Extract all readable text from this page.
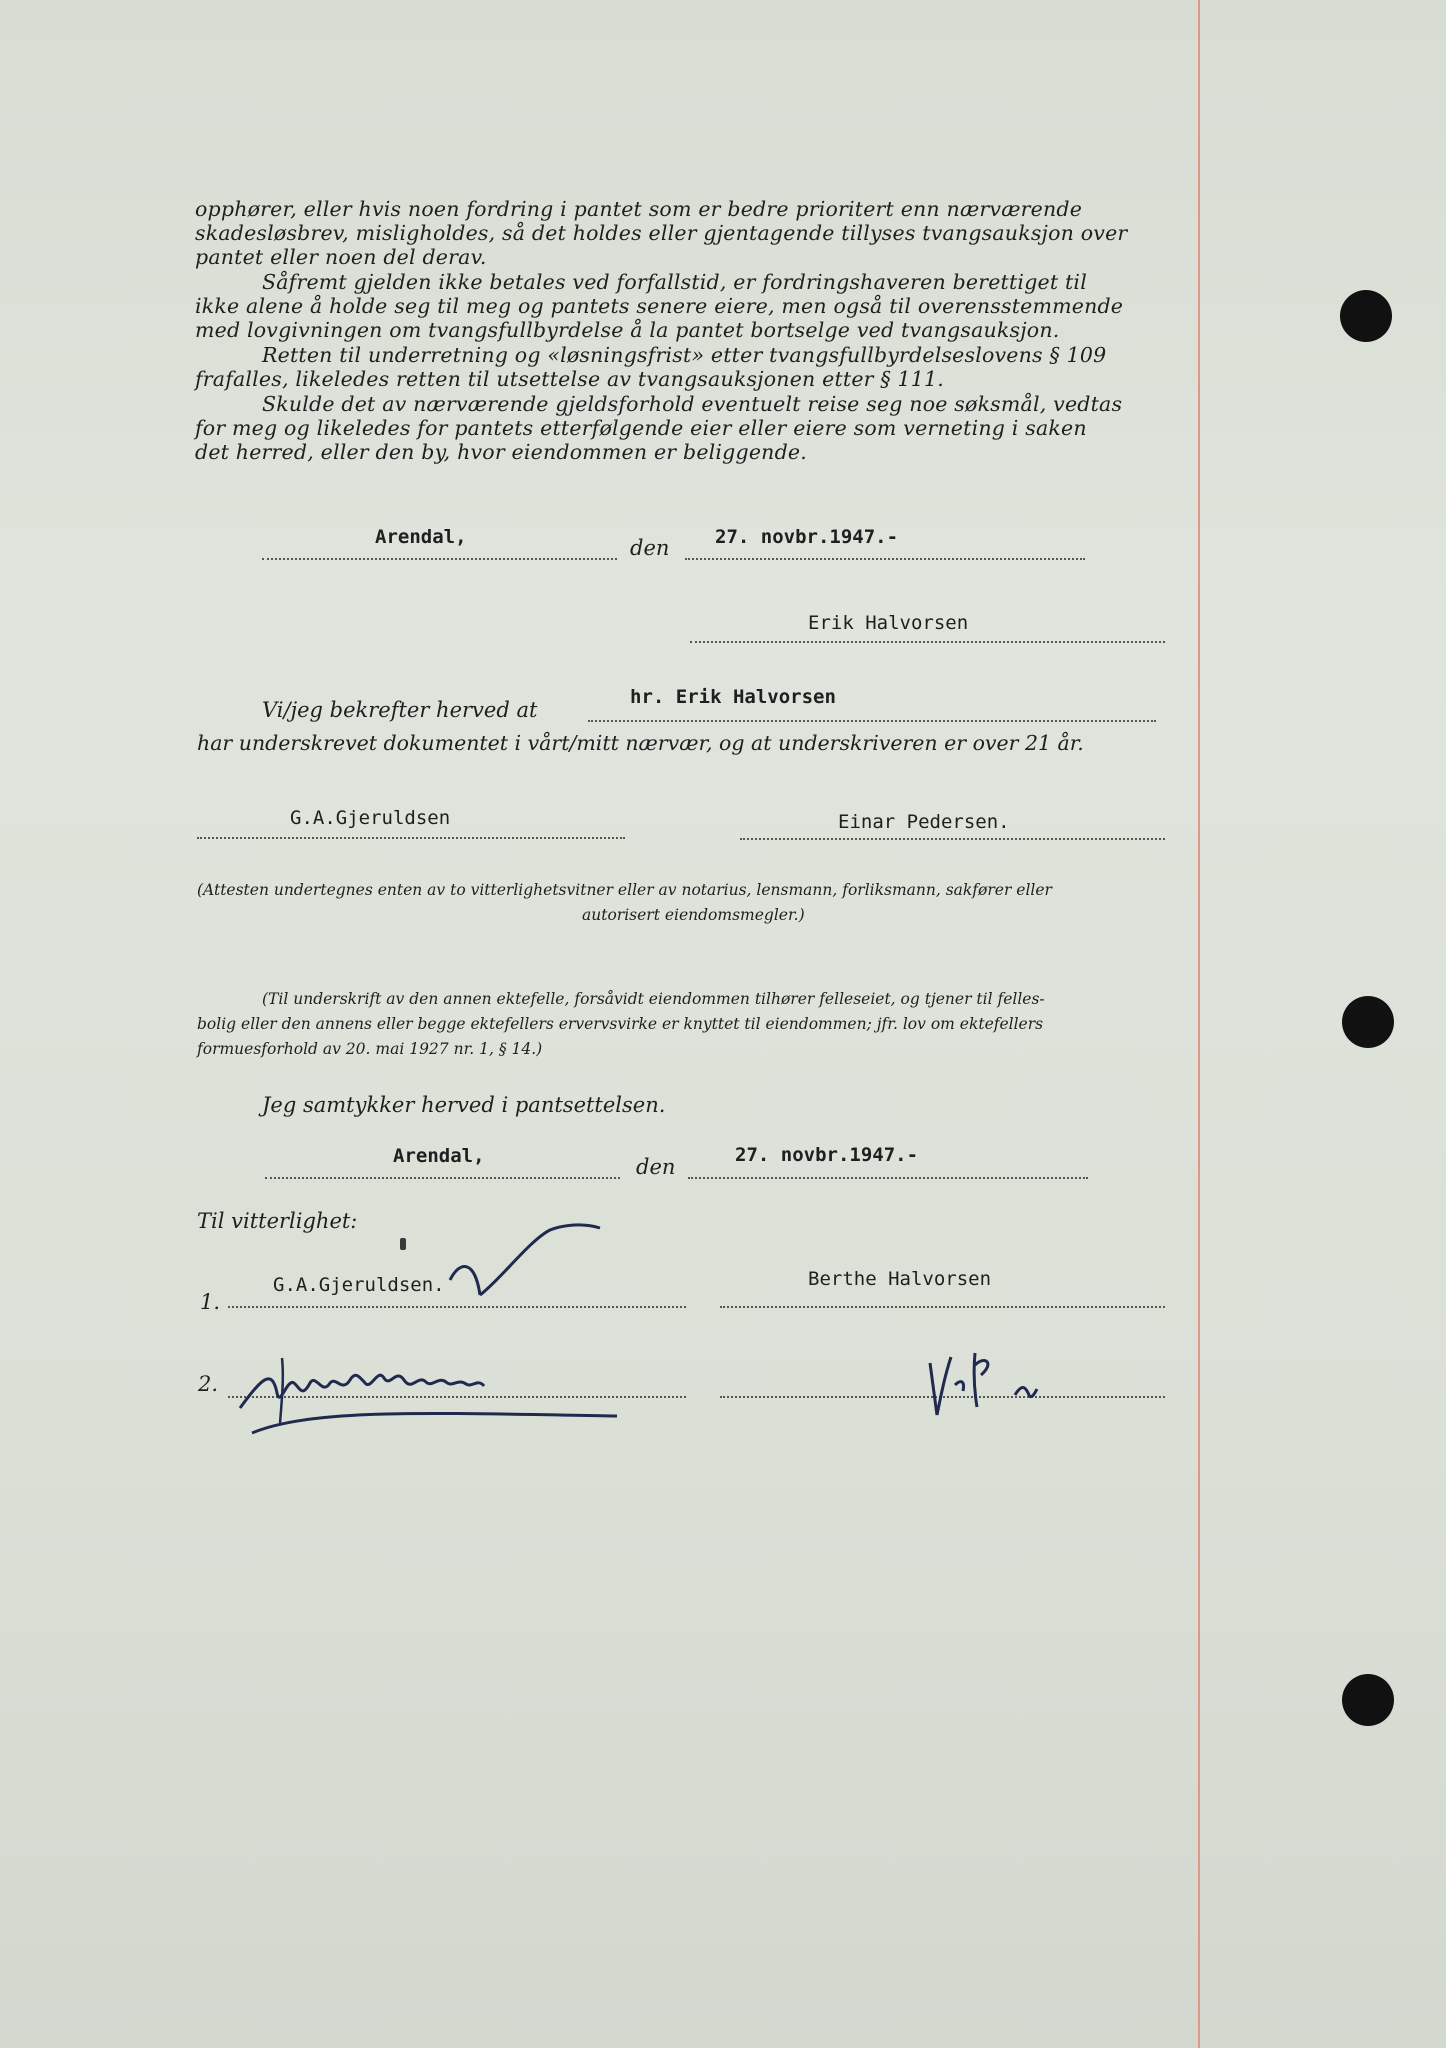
opphører, eller hvis noen fordring i pantet som er bedre prioritert enn nærværende
skadesløsbrev, misligholdes, så det holdes eller gjentagende tillyses tvangsauksjon over
pantet eller noen del derav.
Såfremt gjelden ikke betales ved forfallstid, er fordringshaveren berettiget til
ikke alene å holde seg til meg og pantets senere eiere, men også til overensstemmende
med lovgivningen om tvangsfullbyrdelse å la pantet bortselge ved tvangsauksjon.
Retten til underretning og «løsningsfrist» etter tvangsfullbyrdelseslovens § 109
frafalles, likeledes retten til utsettelse av tvangsauksjonen etter § 111.
Skulde det av nærværende gjeldsforhold eventuelt reise seg noe søksmål, vedtas
for meg og likeledes for pantets etterfølgende eier eller eiere som verneting i saken
det herred, eller den by, hvor eiendommen er beliggende.
Arendal,	den 27. novbr.1947.-
Erik Halvorsen
Vi/jeg bekrefter herved at
hr. Erik Halvorsen
har underskrevet dokumentet i vårt/mitt nærvær, og at underskriveren er over 21 år.
G.A.Gjeruldsen	Einar Pedersen.
(Attesten undertegnes enten av to vitterlighetsvitner eller av notarius, lensmann, forliksmann, sakfører eller
autorisert eiendomsmegler.)
(Til underskrift av den annen ektefelle, forsåvidt eiendommen tilhører felleseiet, og tjener til felles-
bolig eller den annens eller begge ektefellers ervervsvirke er knyttet til eiendommen; jfr. lov om ektefellers
formuesforhold av 20. mai 1927 nr. 1, § 14.)
Jeg samtykker herved i pantsettelsen.
Arendal,	den	27. novbr.1947.-
Til vitterlighet:
1.
G.A.Gjeruldsen.	Berthe Halvorsen
2.
